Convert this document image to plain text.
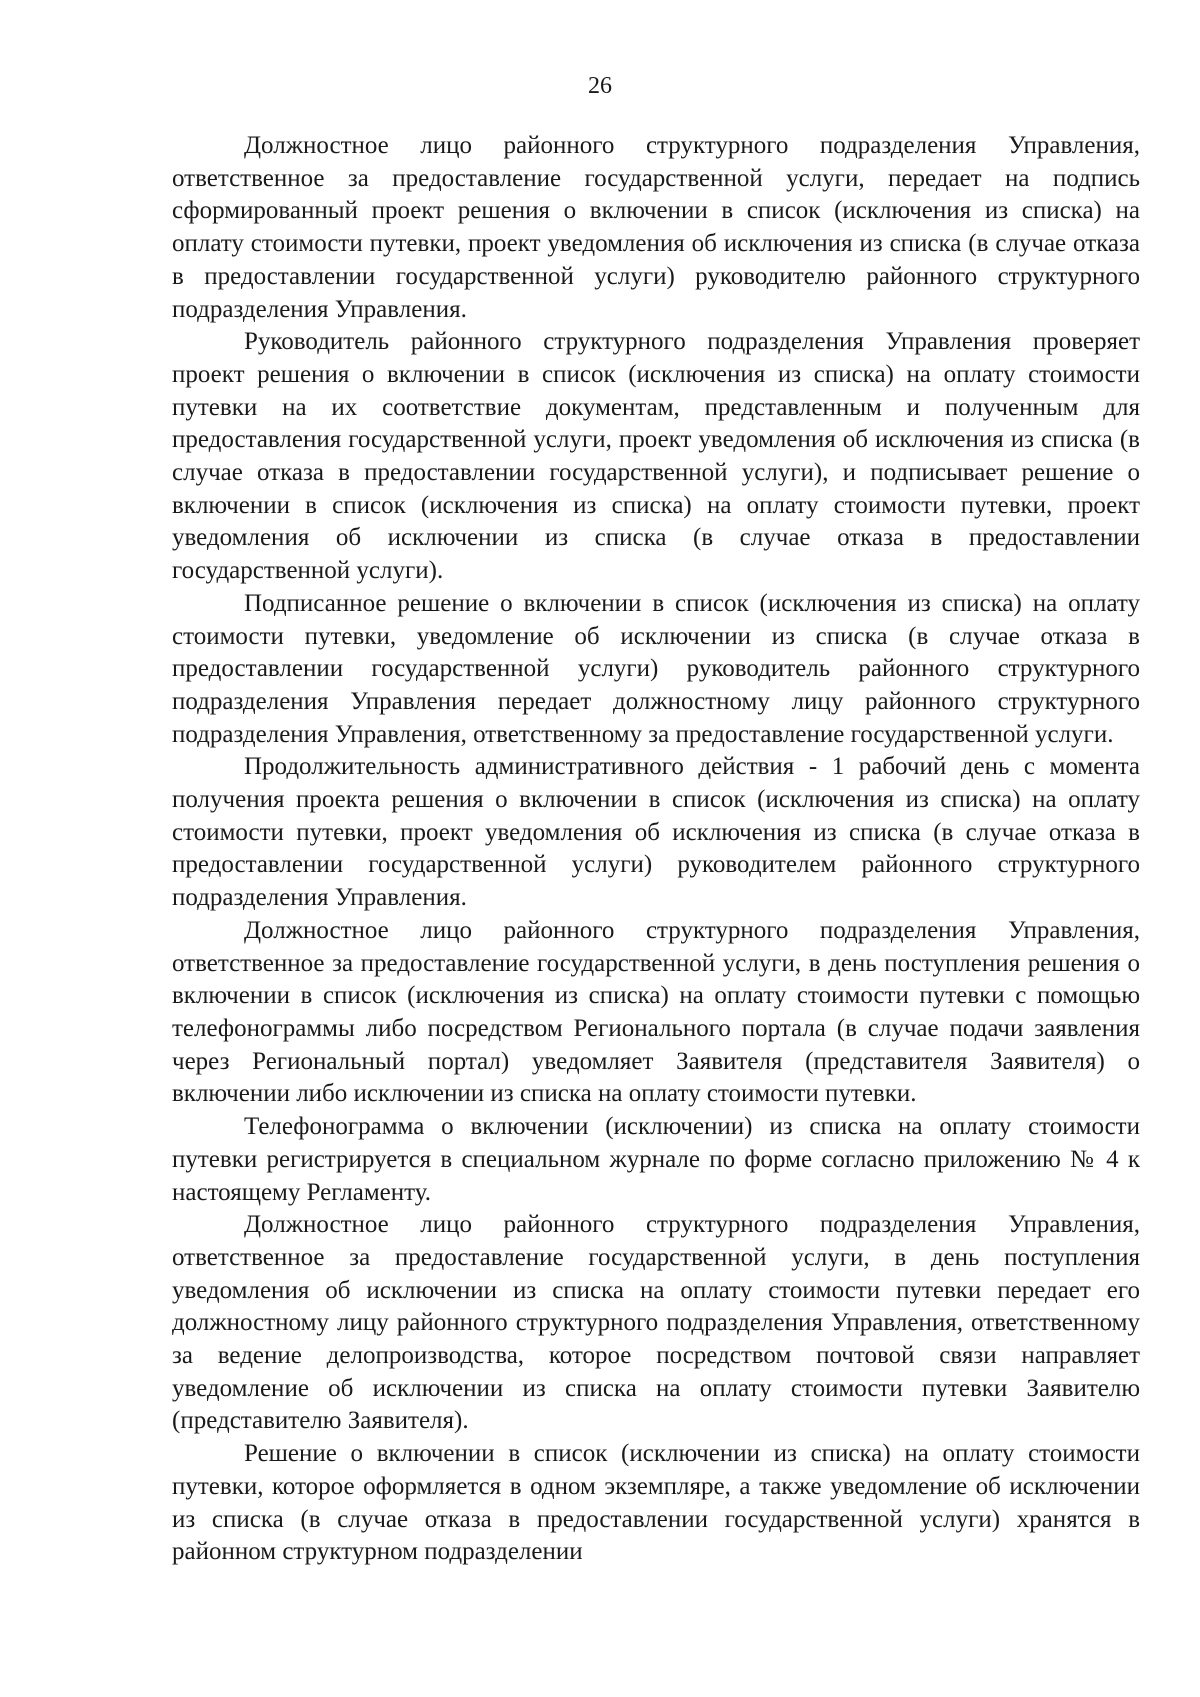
26

Должностное лицо районного структурного подразделения Управления, ответственное за предоставление государственной услуги, передает на подпись сформированный проект решения о включении в список (исключения из списка) на оплату стоимости путевки, проект уведомления об исключения из списка (в случае отказа в предоставлении государственной услуги) руководителю районного структурного подразделения Управления.

Руководитель районного структурного подразделения Управления проверяет проект решения о включении в список (исключения из списка) на оплату стоимости путевки на их соответствие документам, представленным и полученным для предоставления государственной услуги, проект уведомления об исключения из списка (в случае отказа в предоставлении государственной услуги), и подписывает решение о включении в список (исключения из списка) на оплату стоимости путевки, проект уведомления об исключении из списка (в случае отказа в предоставлении государственной услуги).

Подписанное решение о включении в список (исключения из списка) на оплату стоимости путевки, уведомление об исключении из списка (в случае отказа в предоставлении государственной услуги) руководитель районного структурного подразделения Управления передает должностному лицу районного структурного подразделения Управления, ответственному за предоставление государственной услуги.

Продолжительность административного действия - 1 рабочий день с момента получения проекта решения о включении в список (исключения из списка) на оплату стоимости путевки, проект уведомления об исключения из списка (в случае отказа в предоставлении государственной услуги) руководителем районного структурного подразделения Управления.

Должностное лицо районного структурного подразделения Управления, ответственное за предоставление государственной услуги, в день поступления решения о включении в список (исключения из списка) на оплату стоимости путевки с помощью телефонограммы либо посредством Регионального портала (в случае подачи заявления через Региональный портал) уведомляет Заявителя (представителя Заявителя) о включении либо исключении из списка на оплату стоимости путевки.

Телефонограмма о включении (исключении) из списка на оплату стоимости путевки регистрируется в специальном журнале по форме согласно приложению № 4 к настоящему Регламенту.

Должностное лицо районного структурного подразделения Управления, ответственное за предоставление государственной услуги, в день поступления уведомления об исключении из списка на оплату стоимости путевки передает его должностному лицу районного структурного подразделения Управления, ответственному за ведение делопроизводства, которое посредством почтовой связи направляет уведомление об исключении из списка на оплату стоимости путевки Заявителю (представителю Заявителя).

Решение о включении в список (исключении из списка) на оплату стоимости путевки, которое оформляется в одном экземпляре, а также уведомление об исключении из списка (в случае отказа в предоставлении государственной услуги) хранятся в районном структурном подразделении
